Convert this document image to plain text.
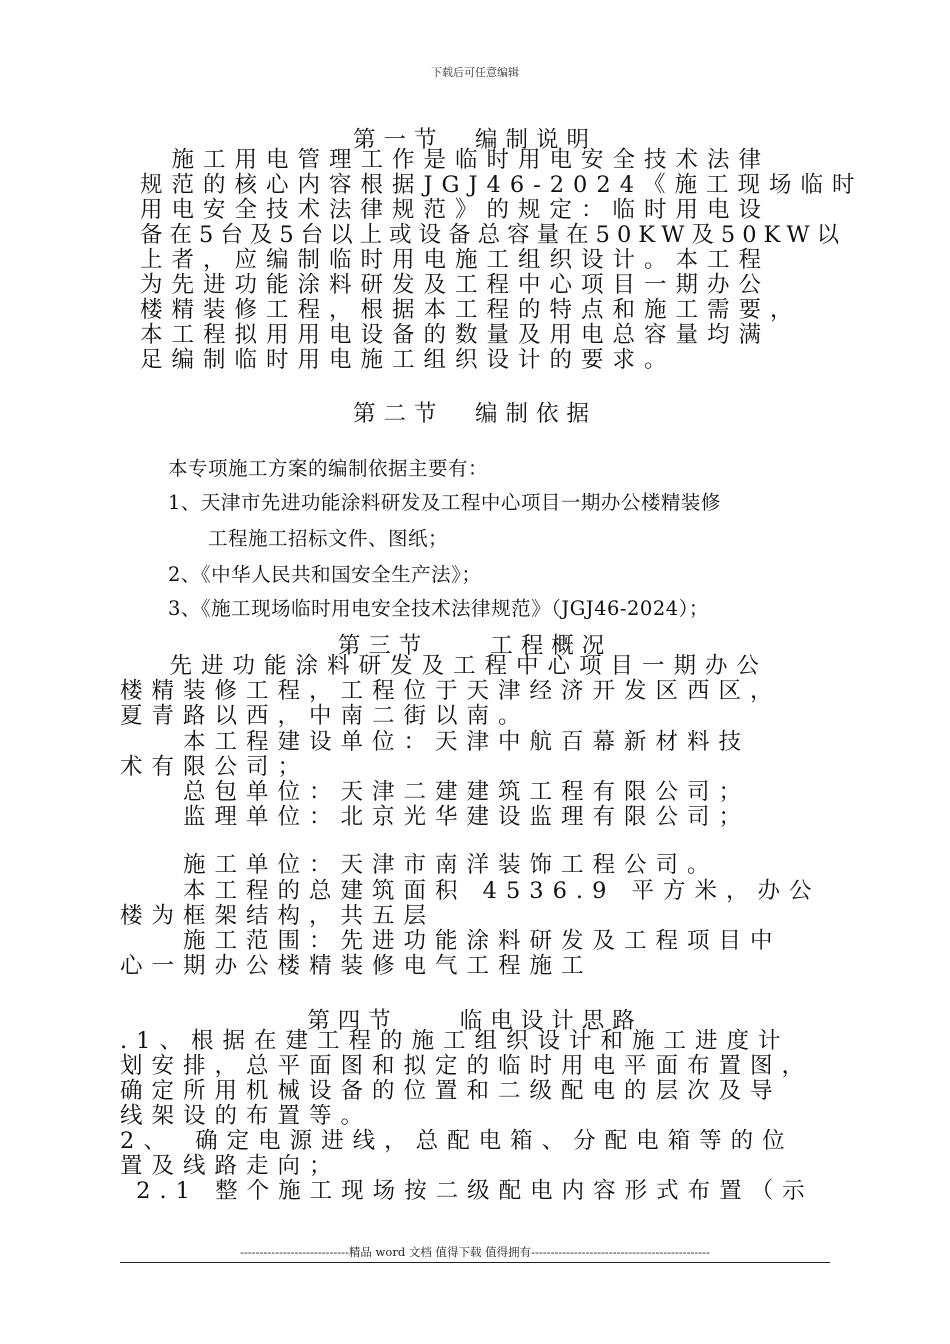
下载后可任意编辑
第一节　编制说明
　施工用电管理工作是临时用电安全技术法律
规范的核心内容根据JGJ46-2024《施工现场临时
用电安全技术法律规范》的规定：临时用电设
备在5台及5台以上或设备总容量在50KW及50KW以
上者，应编制临时用电施工组织设计。本工程
为先进功能涂料研发及工程中心项目一期办公
楼精装修工程，根据本工程的特点和施工需要，
本工程拟用用电设备的数量及用电总容量均满
足编制临时用电施工组织设计的要求。
第二节　编制依据
本专项施工方案的编制依据主要有：
1、天津市先进功能涂料研发及工程中心项目一期办公楼精装修
　　工程施工招标文件、图纸；
2、《中华人民共和国安全生产法》；
3、《施工现场临时用电安全技术法律规范》（JGJ46-2024）；
第三节　　工程概况
　先进功能涂料研发及工程中心项目一期办公
楼精装修工程，工程位于天津经济开发区西区，
夏青路以西，中南二街以南。
　　本工程建设单位：天津中航百幕新材料技
术有限公司；
　　总包单位：天津二建建筑工程有限公司；
　　监理单位：北京光华建设监理有限公司；
　　施工单位：天津市南洋装饰工程公司。
　　本工程的总建筑面积 4536.9 平方米，办公
楼为框架结构，共五层
　　施工范围：先进功能涂料研发及工程项目中
心一期办公楼精装修电气工程施工
第四节　　临电设计思路
.1、根据在建工程的施工组织设计和施工进度计
划安排，总平面图和拟定的临时用电平面布置图，
确定所用机械设备的位置和二级配电的层次及导
线架设的布置等。
2、　确定电源进线，总配电箱、分配电箱等的位
置及线路走向；
2.1 整个施工现场按二级配电内容形式布置（示
----------------------------精品 word 文档 值得下载 值得拥有----------------------------------------------
